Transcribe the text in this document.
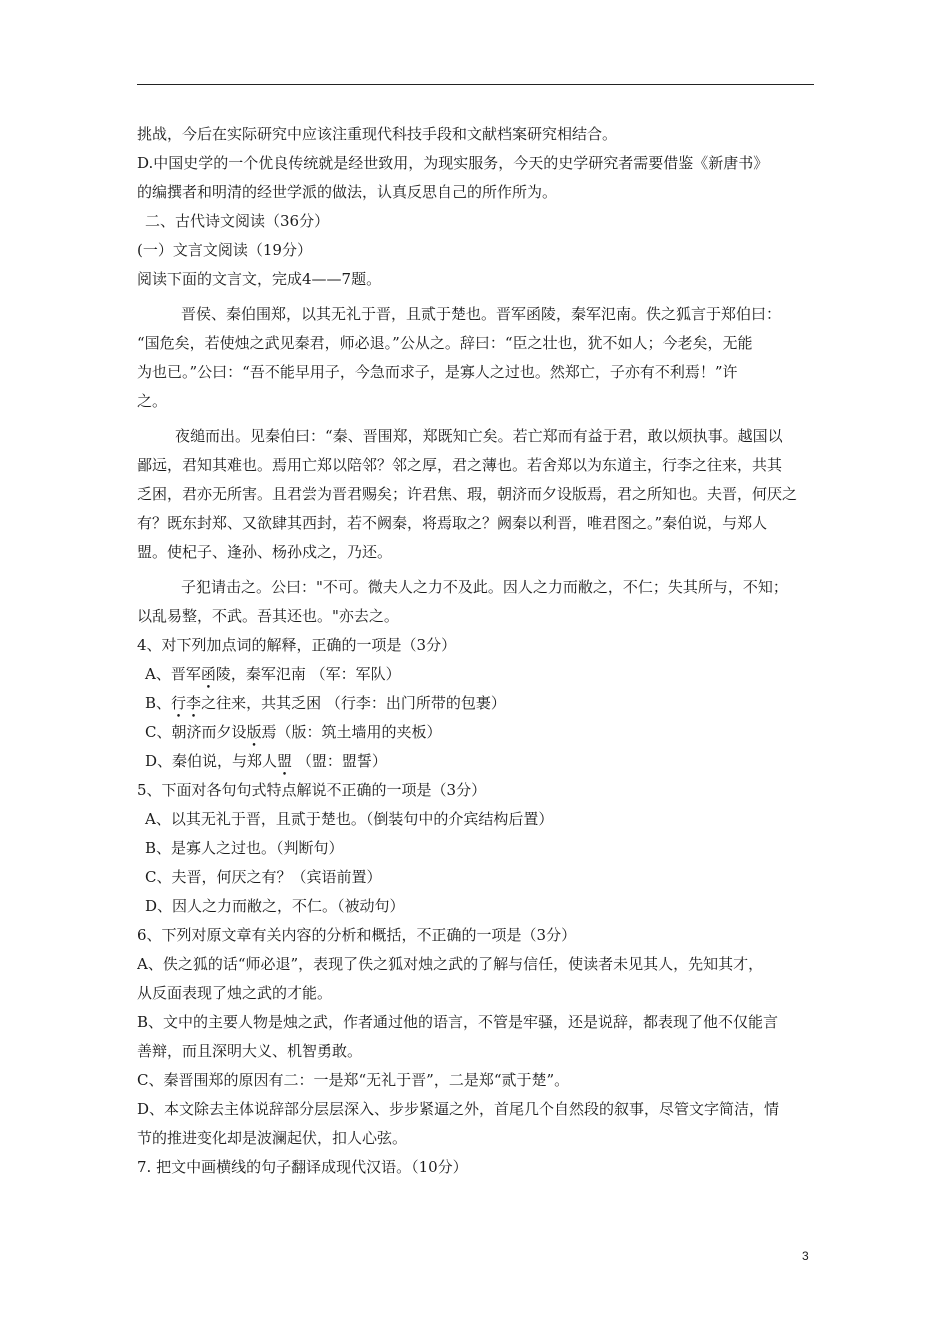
挑战，今后在实际研究中应该注重现代科技手段和文献档案研究相结合。
D.中国史学的一个优良传统就是经世致用，为现实服务，今天的史学研究者需要借鉴《新唐书》
的编撰者和明清的经世学派的做法，认真反思自己的所作所为。
二、古代诗文阅读（36分）
(一）文言文阅读（19分）
阅读下面的文言文，完成4——7题。
晋侯、秦伯围郑，以其无礼于晋，且贰于楚也。晋军函陵，秦军氾南。佚之狐言于郑伯曰：
“国危矣，若使烛之武见秦君，师必退。”公从之。辞曰：“臣之壮也，犹不如人；今老矣，无能
为也已。”公曰：“吾不能早用子，今急而求子，是寡人之过也。然郑亡，子亦有不利焉！”许
之。
夜缒而出。见秦伯曰：“秦、晋围郑，郑既知亡矣。若亡郑而有益于君，敢以烦执事。越国以
鄙远，君知其难也。焉用亡郑以陪邻？邻之厚，君之薄也。若舍郑以为东道主，行李之往来，共其
乏困，君亦无所害。且君尝为晋君赐矣；许君焦、瑕，朝济而夕设版焉，君之所知也。夫晋，何厌之
有？既东封郑、又欲肆其西封，若不阙秦，将焉取之？阙秦以利晋，唯君图之。”秦伯说，与郑人
盟。使杞子、逢孙、杨孙戍之，乃还。
子犯请击之。公曰："不可。微夫人之力不及此。因人之力而敝之，不仁；失其所与，不知；
以乱易整，不武。吾其还也。"亦去之。
4、对下列加点词的解释，正确的一项是（3分）
A、晋军函陵，秦军氾南 （军：军队）
B、行李之往来，共其乏困 （行李：出门所带的包裹）
C、朝济而夕设版焉（版：筑土墙用的夹板）
D、秦伯说，与郑人盟 （盟：盟誓）
5、下面对各句句式特点解说不正确的一项是（3分）
A、以其无礼于晋，且贰于楚也。（倒装句中的介宾结构后置）
B、是寡人之过也。（判断句）
C、夫晋，何厌之有？（宾语前置）
D、因人之力而敝之，不仁。（被动句）
6、下列对原文章有关内容的分析和概括，不正确的一项是（3分）
A、佚之狐的话“师必退”，表现了佚之狐对烛之武的了解与信任，使读者未见其人，先知其才，
从反面表现了烛之武的才能。
B、文中的主要人物是烛之武，作者通过他的语言，不管是牢骚，还是说辞，都表现了他不仅能言
善辩，而且深明大义、机智勇敢。
C、秦晋围郑的原因有二：一是郑“无礼于晋”，二是郑“贰于楚”。
D、本文除去主体说辞部分层层深入、步步紧逼之外，首尾几个自然段的叙事，尽管文字简洁，情
节的推进变化却是波澜起伏，扣人心弦。
7. 把文中画横线的句子翻译成现代汉语。（10分）
3
